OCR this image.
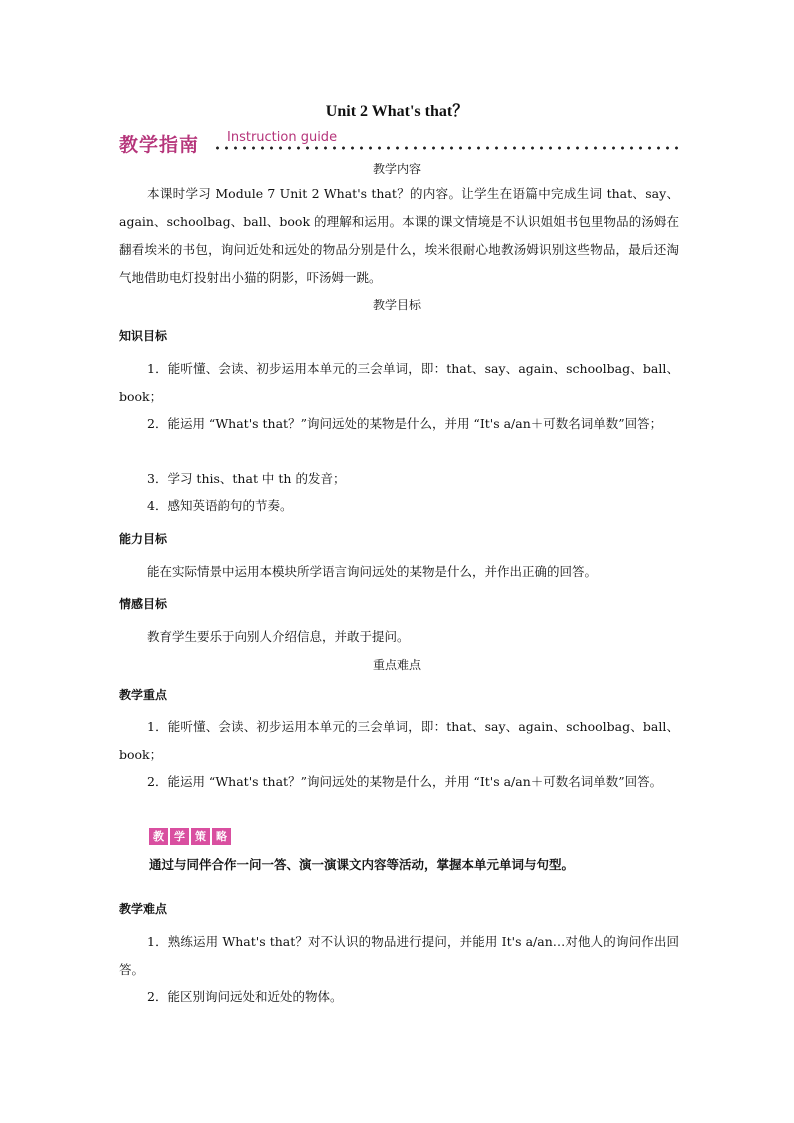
Unit 2 What's that？
教学指南 Instruction guide
教学内容

本课时学习 Module 7 Unit 2 What's that？的内容。让学生在语篇中完成生词 that、say、again、schoolbag、ball、book 的理解和运用。本课的课文情境是不认识姐姐书包里物品的汤姆在翻看埃米的书包，询问近处和远处的物品分别是什么，埃米很耐心地教汤姆识别这些物品，最后还淘气地借助电灯投射出小猫的阴影，吓汤姆一跳。

教学目标
知识目标

1．能听懂、会读、初步运用本单元的三会单词，即：that、say、again、schoolbag、ball、book；

2．能运用 “What's that？”询问远处的某物是什么，并用 “It's a/an＋可数名词单数”回答；

3．学习 this、that 中 th 的发音；

4．感知英语韵句的节奏。

能力目标

能在实际情景中运用本模块所学语言询问远处的某物是什么，并作出正确的回答。

情感目标

教育学生要乐于向别人介绍信息，并敢于提问。

重点难点
教学重点

1．能听懂、会读、初步运用本单元的三会单词，即：that、say、again、schoolbag、ball、book；

2．能运用 “What's that？”询问远处的某物是什么，并用 “It's a/an＋可数名词单数”回答。

教 学 策 略
通过与同伴合作一问一答、演一演课文内容等活动，掌握本单元单词与句型。
教学难点

1．熟练运用 What's that？对不认识的物品进行提问，并能用 It's a/an…对他人的询问作出回答。

2．能区别询问远处和近处的物体。
